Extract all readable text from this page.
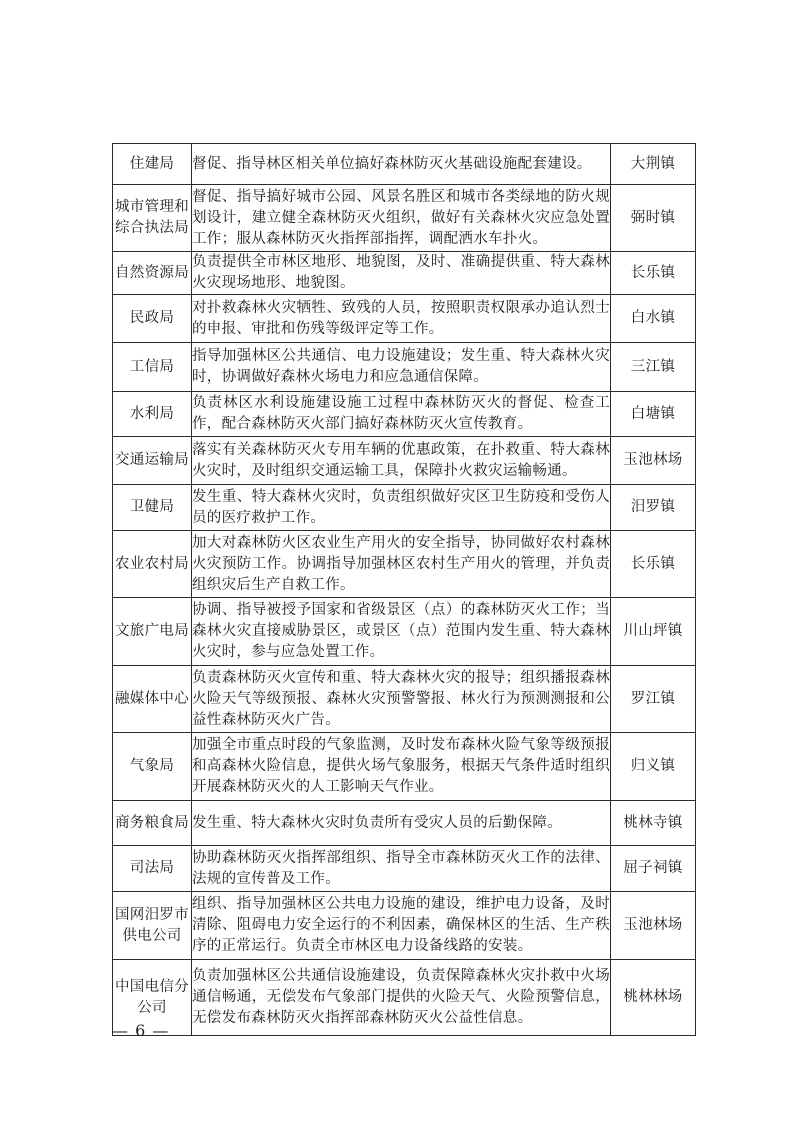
住建局	督促、指导林区相关单位搞好森林防灭火基础设施配套建设。	大荆镇
城市管理和综合执法局	督促、指导搞好城市公园、风景名胜区和城市各类绿地的防火规划设计，建立健全森林防灭火组织，做好有关森林火灾应急处置工作；服从森林防灭火指挥部指挥，调配洒水车扑火。	弼时镇
自然资源局	负责提供全市林区地形、地貌图，及时、准确提供重、特大森林火灾现场地形、地貌图。	长乐镇
民政局	对扑救森林火灾牺牲、致残的人员，按照职责权限承办追认烈士的申报、审批和伤残等级评定等工作。	白水镇
工信局	指导加强林区公共通信、电力设施建设；发生重、特大森林火灾时，协调做好森林火场电力和应急通信保障。	三江镇
水利局	负责林区水利设施建设施工过程中森林防灭火的督促、检查工作，配合森林防灭火部门搞好森林防灭火宣传教育。	白塘镇
交通运输局	落实有关森林防灭火专用车辆的优惠政策，在扑救重、特大森林火灾时，及时组织交通运输工具，保障扑火救灾运输畅通。	玉池林场
卫健局	发生重、特大森林火灾时，负责组织做好灾区卫生防疫和受伤人员的医疗救护工作。	汨罗镇
农业农村局	加大对森林防火区农业生产用火的安全指导，协同做好农村森林火灾预防工作。协调指导加强林区农村生产用火的管理，并负责组织灾后生产自救工作。	长乐镇
文旅广电局	协调、指导被授予国家和省级景区（点）的森林防灭火工作；当森林火灾直接威胁景区，或景区（点）范围内发生重、特大森林火灾时，参与应急处置工作。	川山坪镇
融媒体中心	负责森林防灭火宣传和重、特大森林火灾的报导；组织播报森林火险天气等级预报、森林火灾预警警报、林火行为预测测报和公益性森林防灭火广告。	罗江镇
气象局	加强全市重点时段的气象监测，及时发布森林火险气象等级预报和高森林火险信息，提供火场气象服务，根据天气条件适时组织开展森林防灭火的人工影响天气作业。	归义镇
商务粮食局	发生重、特大森林火灾时负责所有受灾人员的后勤保障。	桃林寺镇
司法局	协助森林防灭火指挥部组织、指导全市森林防灭火工作的法律、法规的宣传普及工作。	屈子祠镇
国网汨罗市供电公司	组织、指导加强林区公共电力设施的建设，维护电力设备，及时清除、阻碍电力安全运行的不利因素，确保林区的生活、生产秩序的正常运行。负责全市林区电力设备线路的安装。	玉池林场
中国电信分公司	负责加强林区公共通信设施建设，负责保障森林火灾扑救中火场通信畅通，无偿发布气象部门提供的火险天气、火险预警信息，无偿发布森林防灭火指挥部森林防灭火公益性信息。	桃林林场
— 6 —
